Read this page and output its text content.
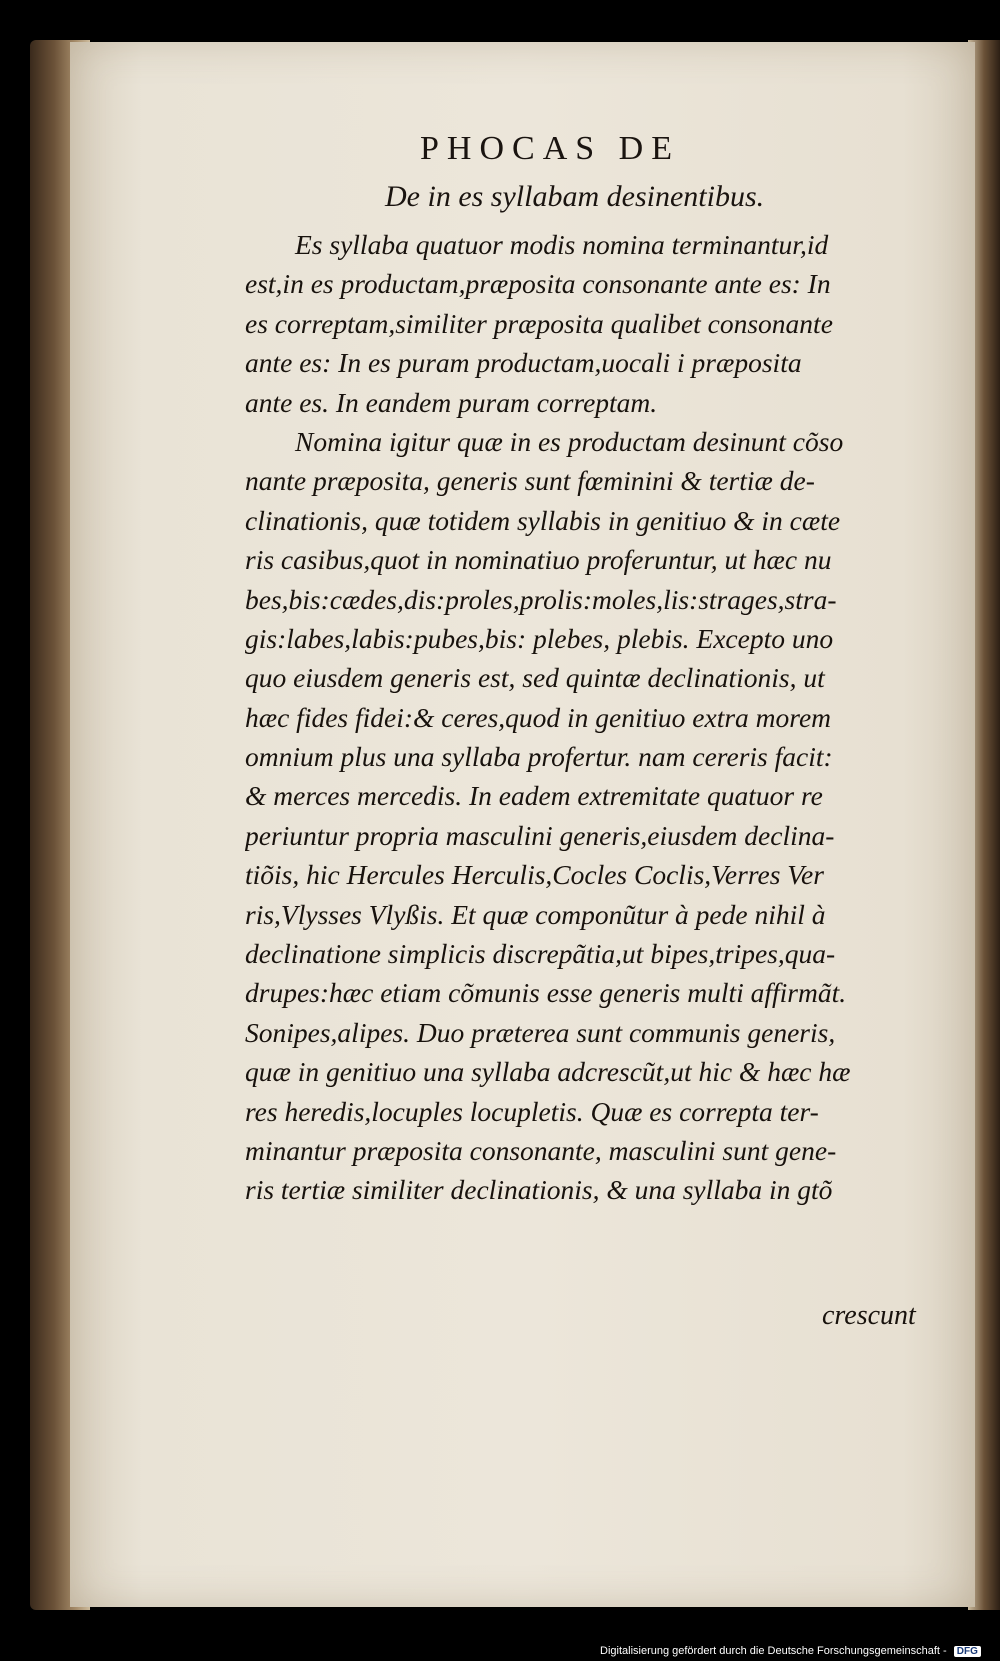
PHOCAS DE
De in es syllabam desinentibus.
Es syllaba quatuor modis nomina terminantur,id
est,in es productam,præposita consonante ante es: In
es correptam,similiter præposita qualibet consonante
ante es: In es puram productam,uocali i præposita
ante es. In eandem puram correptam.
Nomina igitur quæ in es productam desinunt cõso
nante præposita, generis sunt fœminini & tertiæ de-
clinationis, quæ totidem syllabis in genitiuo & in cæte
ris casibus,quot in nominatiuo proferuntur, ut hæc nu
bes,bis:cædes,dis:proles,prolis:moles,lis:strages,stra-
gis:labes,labis:pubes,bis: plebes, plebis. Excepto uno
quo eiusdem generis est, sed quintæ declinationis, ut
hæc fides fidei:& ceres,quod in genitiuo extra morem
omnium plus una syllaba profertur. nam cereris facit:
& merces mercedis. In eadem extremitate quatuor re
periuntur propria masculini generis,eiusdem declina-
tiõis, hic Hercules Herculis,Cocles Coclis,Verres Ver
ris,Vlysses Vlyßis. Et quæ componũtur à pede nihil à
declinatione simplicis discrepãtia,ut bipes,tripes,qua-
drupes:hæc etiam cõmunis esse generis multi affirmãt.
Sonipes,alipes. Duo præterea sunt communis generis,
quæ in genitiuo una syllaba adcrescũt,ut hic & hæc hæ
res heredis,locuples locupletis. Quæ es correpta ter-
minantur præposita consonante, masculini sunt gene-
ris tertiæ similiter declinationis, & una syllaba in gtõ
crescunt
Digitalisierung gefördert durch die Deutsche Forschungsgemeinschaft - DFG
